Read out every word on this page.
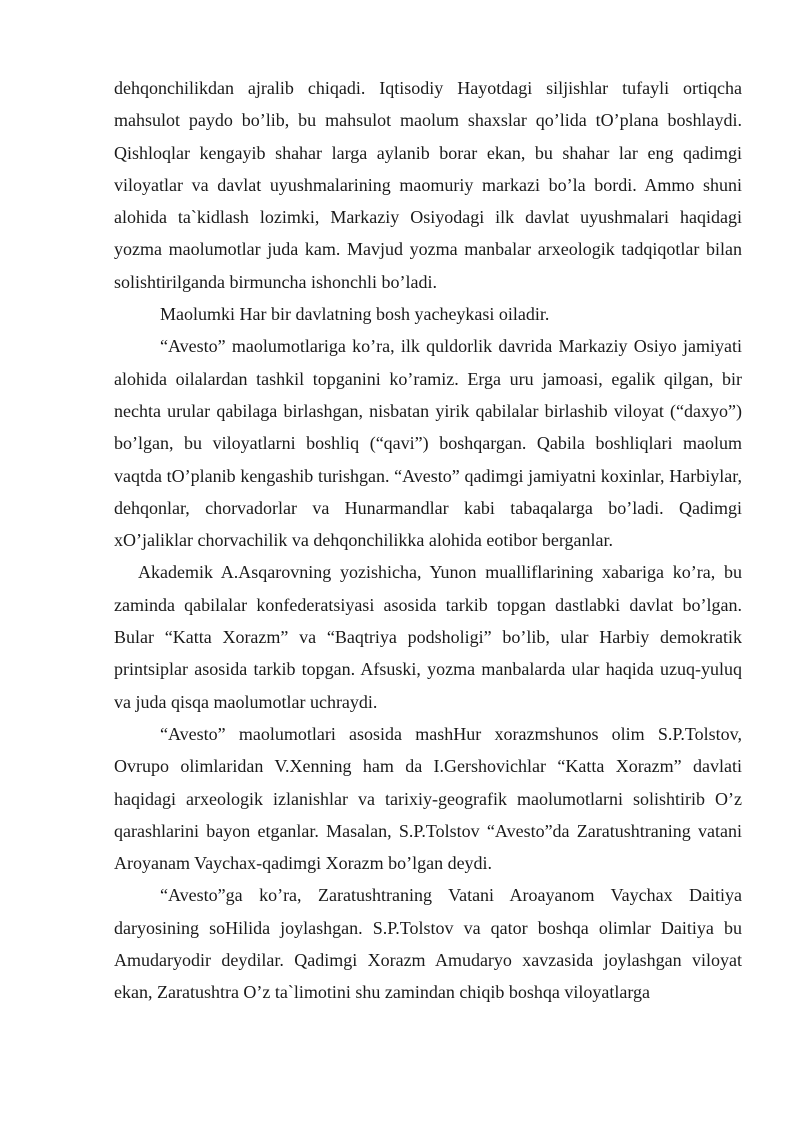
dehqonchilikdan ajralib chiqadi. Iqtisodiy Hayotdagi siljishlar tufayli ortiqcha mahsulot paydo bo’lib, bu mahsulot maolum shaxslar qo’lida tO’plana boshlaydi. Qishloqlar kengayib shahar larga aylanib borar ekan, bu shahar lar eng qadimgi viloyatlar va davlat uyushmalarining maomuriy markazi bo’la bordi. Ammo shuni alohida ta`kidlash lozimki, Markaziy Osiyodagi ilk davlat uyushmalari haqidagi yozma maolumotlar juda kam. Mavjud yozma manbalar arxeologik tadqiqotlar bilan solishtirilganda birmuncha ishonchli bo’ladi.

Maolumki Har bir davlatning bosh yacheykasi oiladir.

“Avesto” maolumotlariga ko’ra, ilk quldorlik davrida Markaziy Osiyo jamiyati alohida oilalardan tashkil topganini ko’ramiz. Erga uru jamoasi, egalik qilgan, bir nechta urular qabilaga birlashgan, nisbatan yirik qabilalar birlashib viloyat (“daxyo”) bo’lgan, bu viloyatlarni boshliq (“qavi”) boshqargan. Qabila boshliqlari maolum vaqtda tO’planib kengashib turishgan. “Avesto” qadimgi jamiyatni koxinlar, Harbiylar, dehqonlar, chorvadorlar va Hunarmandlar kabi tabaqalarga bo’ladi. Qadimgi xO’jaliklar chorvachilik va dehqonchilikka alohida eotibor berganlar.

Akademik A.Asqarovning yozishicha, Yunon mualliflarining xabariga ko’ra, bu zaminda qabilalar konfederatsiyasi asosida tarkib topgan dastlabki davlat bo’lgan. Bular “Katta Xorazm” va “Baqtriya podsholigi” bo’lib, ular Harbiy demokratik printsiplar asosida tarkib topgan. Afsuski, yozma manbalarda ular haqida uzuq-yuluq va juda qisqa maolumotlar uchraydi.

“Avesto” maolumotlari asosida mashHur xorazmshunos olim S.P.Tolstov, Ovrupo olimlaridan V.Xenning ham da I.Gershovichlar “Katta Xorazm” davlati haqidagi arxeologik izlanishlar va tarixiy-geografik maolumotlarni solishtirib O’z qarashlarini bayon etganlar. Masalan, S.P.Tolstov “Avesto”da Zaratushtraning vatani Aroyanam Vaychax-qadimgi Xorazm bo’lgan deydi.

“Avesto”ga ko’ra, Zaratushtraning Vatani Aroayanom Vaychax Daitiya daryosining soHilida joylashgan. S.P.Tolstov va qator boshqa olimlar Daitiya bu Amudaryodir deydilar. Qadimgi Xorazm Amudaryo xavzasida joylashgan viloyat ekan, Zaratushtra O’z ta`limotini shu zamindan chiqib boshqa viloyatlarga
